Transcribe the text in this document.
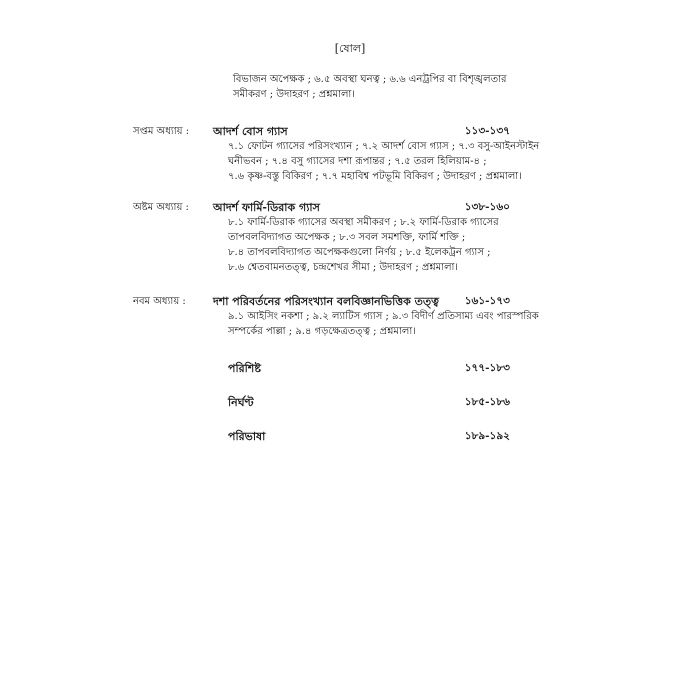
[ষোল]
বিভাজন অপেক্ষক ; ৬.৫ অবস্থা ঘনত্ব ; ৬.৬ এনট্রপির বা বিশৃঙ্খলতার
সমীকরণ ; উদাহরণ ; প্রশ্নমালা।
সপ্তম অধ্যায় : আদর্শ বোস গ্যাস	১১৩-১৩৭
৭.১ ফোটন গ্যাসের পরিসংখ্যান ; ৭.২ আদর্শ বোস গ্যাস ; ৭.৩ বসু-আইনস্টাইন
ঘনীভবন ; ৭.৪ বসু গ্যাসের দশা রূপান্তর ; ৭.৫ তরল হিলিয়াম-৪ ;
৭.৬ কৃষ্ণ-বস্তু বিকিরণ ; ৭.৭ মহাবিশ্ব পটভূমি বিকিরণ ; উদাহরণ ; প্রশ্নমালা।
অষ্টম অধ্যায় : আদর্শ ফার্মি-ডিরাক গ্যাস	১৩৮-১৬০
৮.১ ফার্মি-ডিরাক গ্যাসের অবস্থা সমীকরণ ; ৮.২ ফার্মি-ডিরাক গ্যাসের
তাপবলবিদ্যাগত অপেক্ষক ; ৮.৩ সবল সমশক্তি, ফার্মি শক্তি ;
৮.৪ তাপবলবিদ্যাগত অপেক্ষকগুলো নির্ণয় ; ৮.৫ ইলেকট্রন গ্যাস ;
৮.৬ শ্বেতবামনতত্ত্ব, চন্দ্রশেখর সীমা ; উদাহরণ ; প্রশ্নমালা।
নবম অধ্যায় : দশা পরিবর্তনের পরিসংখ্যান বলবিজ্ঞানভিত্তিক তত্ত্ব ১৬১-১৭৩
৯.১ আইসিং নকশা ; ৯.২ ল্যাটিস গ্যাস ; ৯.৩ বিদীর্ণ প্রতিসাম্য এবং পারস্পরিক
সম্পর্কের পাল্লা ; ৯.৪ গড়ক্ষেত্রতত্ত্ব ; প্রশ্নমালা।
পরিশিষ্ট	১৭৭-১৮৩
নির্ঘণ্ট	১৮৫-১৮৬
পরিভাষা	১৮৯-১৯২
